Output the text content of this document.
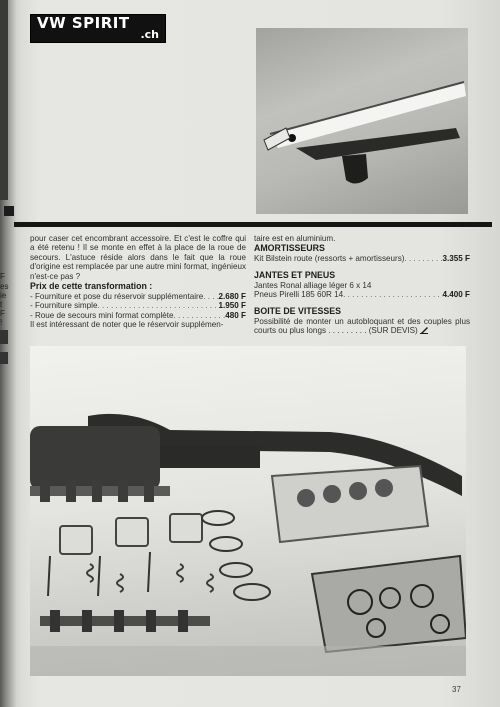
F
es
ie
t
F
!
VW SPIRIT
.ch

pour caser cet encombrant accessoire. Et c'est le coffre qui a été retenu ! Il se monte en effet à la place de la roue de secours. L'astuce réside alors dans le fait que la roue d'origine est remplacée par une autre mini format, ingénieux n'est-ce pas ?

Prix de cette transformation :

- Fourniture et pose du réservoir supplémentaire . . . 2.680 F
- Fourniture simple . . .	1.950 F
- Roue de secours mini format complète . . .	480 F

Il est intéressant de noter que le réservoir supplémen-

taire est en aluminium.

AMORTISSEURS

Kit Bilstein route (ressorts + amortisseurs) . . .	3.355 F

JANTES ET PNEUS

Jantes Ronal alliage léger 6 x 14

Pneus Pirelli 185 60R 14 . . .	4.400 F

BOITE DE VITESSES

Possibilité de monter un autobloquant et des couples plus courts ou plus longs . . . . . . . . . (SUR DEVIS)

37
